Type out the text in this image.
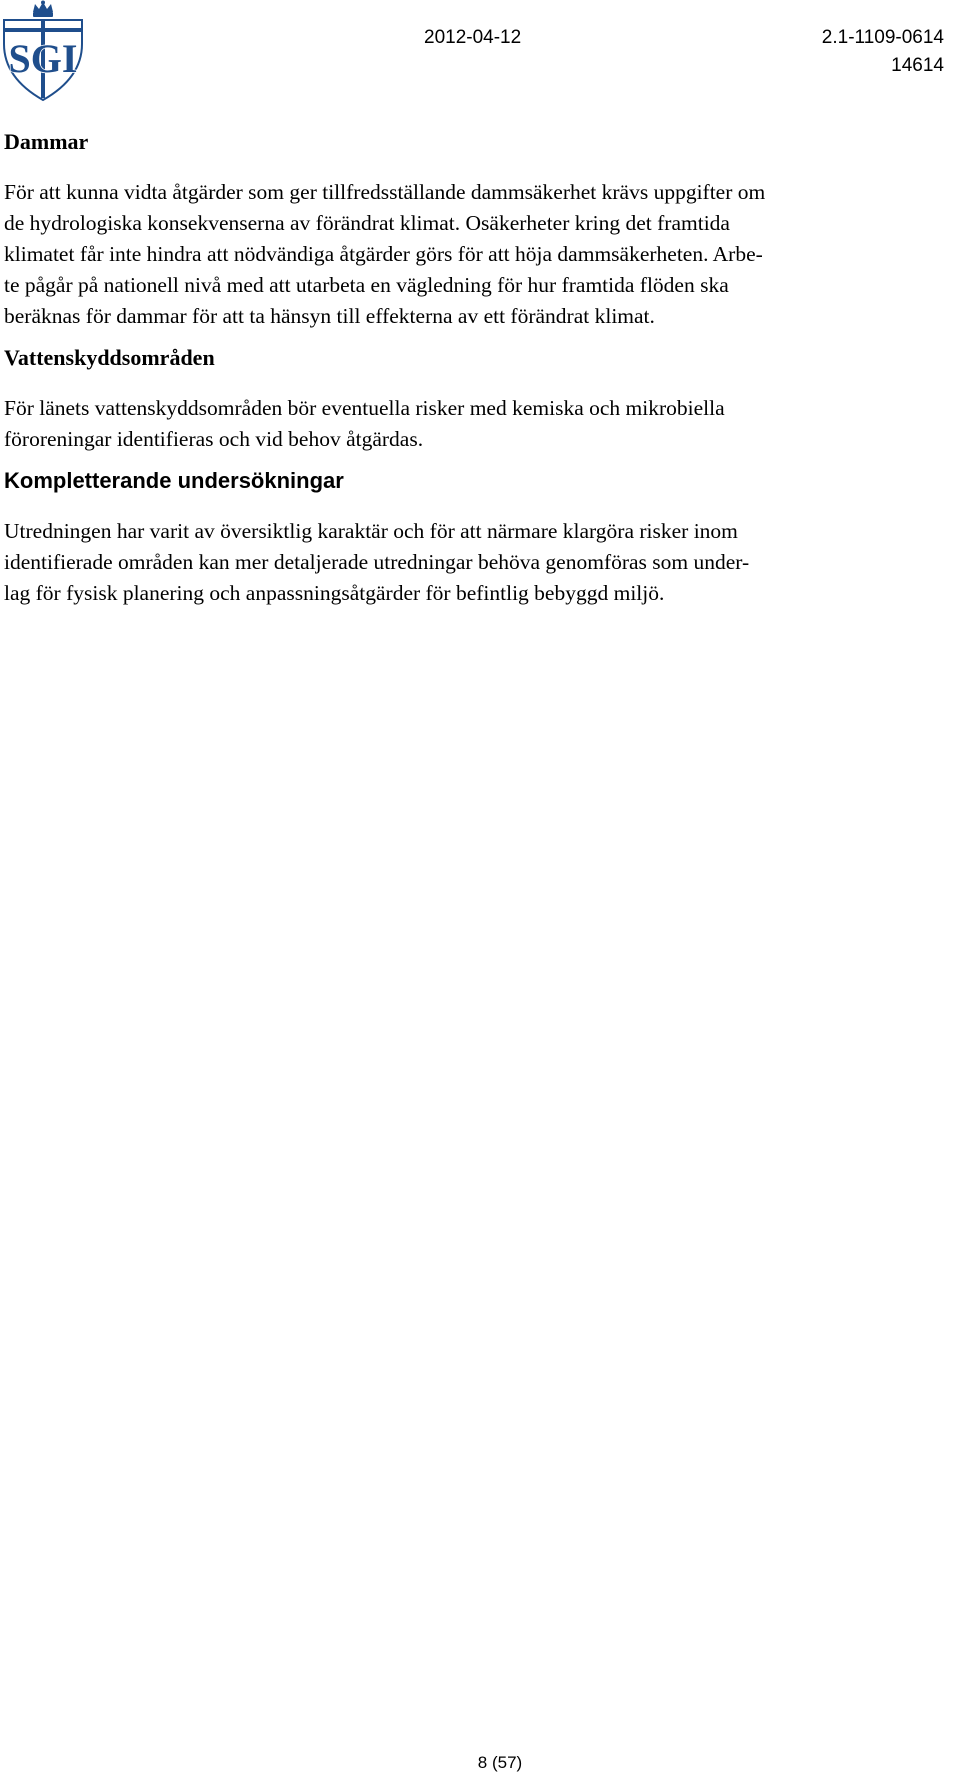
SGI	2012-04-12	2.1-1109-0614
14614
Dammar

För att kunna vidta åtgärder som ger tillfredsställande dammsäkerhet krävs uppgifter om
de hydrologiska konsekvenserna av förändrat klimat. Osäkerheter kring det framtida
klimatet får inte hindra att nödvändiga åtgärder görs för att höja dammsäkerheten. Arbe-
te pågår på nationell nivå med att utarbeta en vägledning för hur framtida flöden ska
beräknas för dammar för att ta hänsyn till effekterna av ett förändrat klimat.

Vattenskyddsområden

För länets vattenskyddsområden bör eventuella risker med kemiska och mikrobiella
föroreningar identifieras och vid behov åtgärdas.

Kompletterande undersökningar

Utredningen har varit av översiktlig karaktär och för att närmare klargöra risker inom
identifierade områden kan mer detaljerade utredningar behöva genomföras som under-
lag för fysisk planering och anpassningsåtgärder för befintlig bebyggd miljö.

8 (57)
